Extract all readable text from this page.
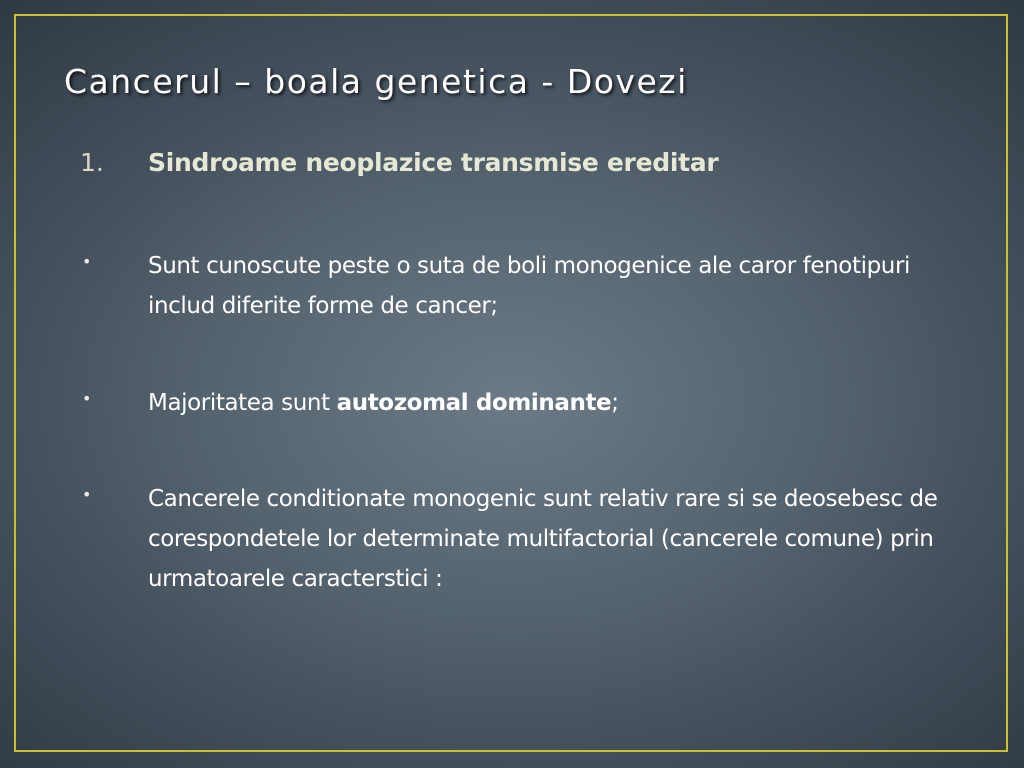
Cancerul – boala genetica - Dovezi
1.	Sindroame neoplazice transmise ereditar
•	Sunt cunoscute peste o suta de boli monogenice ale caror fenotipuri includ diferite forme de cancer;
•	Majoritatea sunt autozomal dominante;
•	Cancerele conditionate monogenic sunt relativ rare si se deosebesc de corespondetele lor determinate multifactorial (cancerele comune) prin urmatoarele caracterstici :
